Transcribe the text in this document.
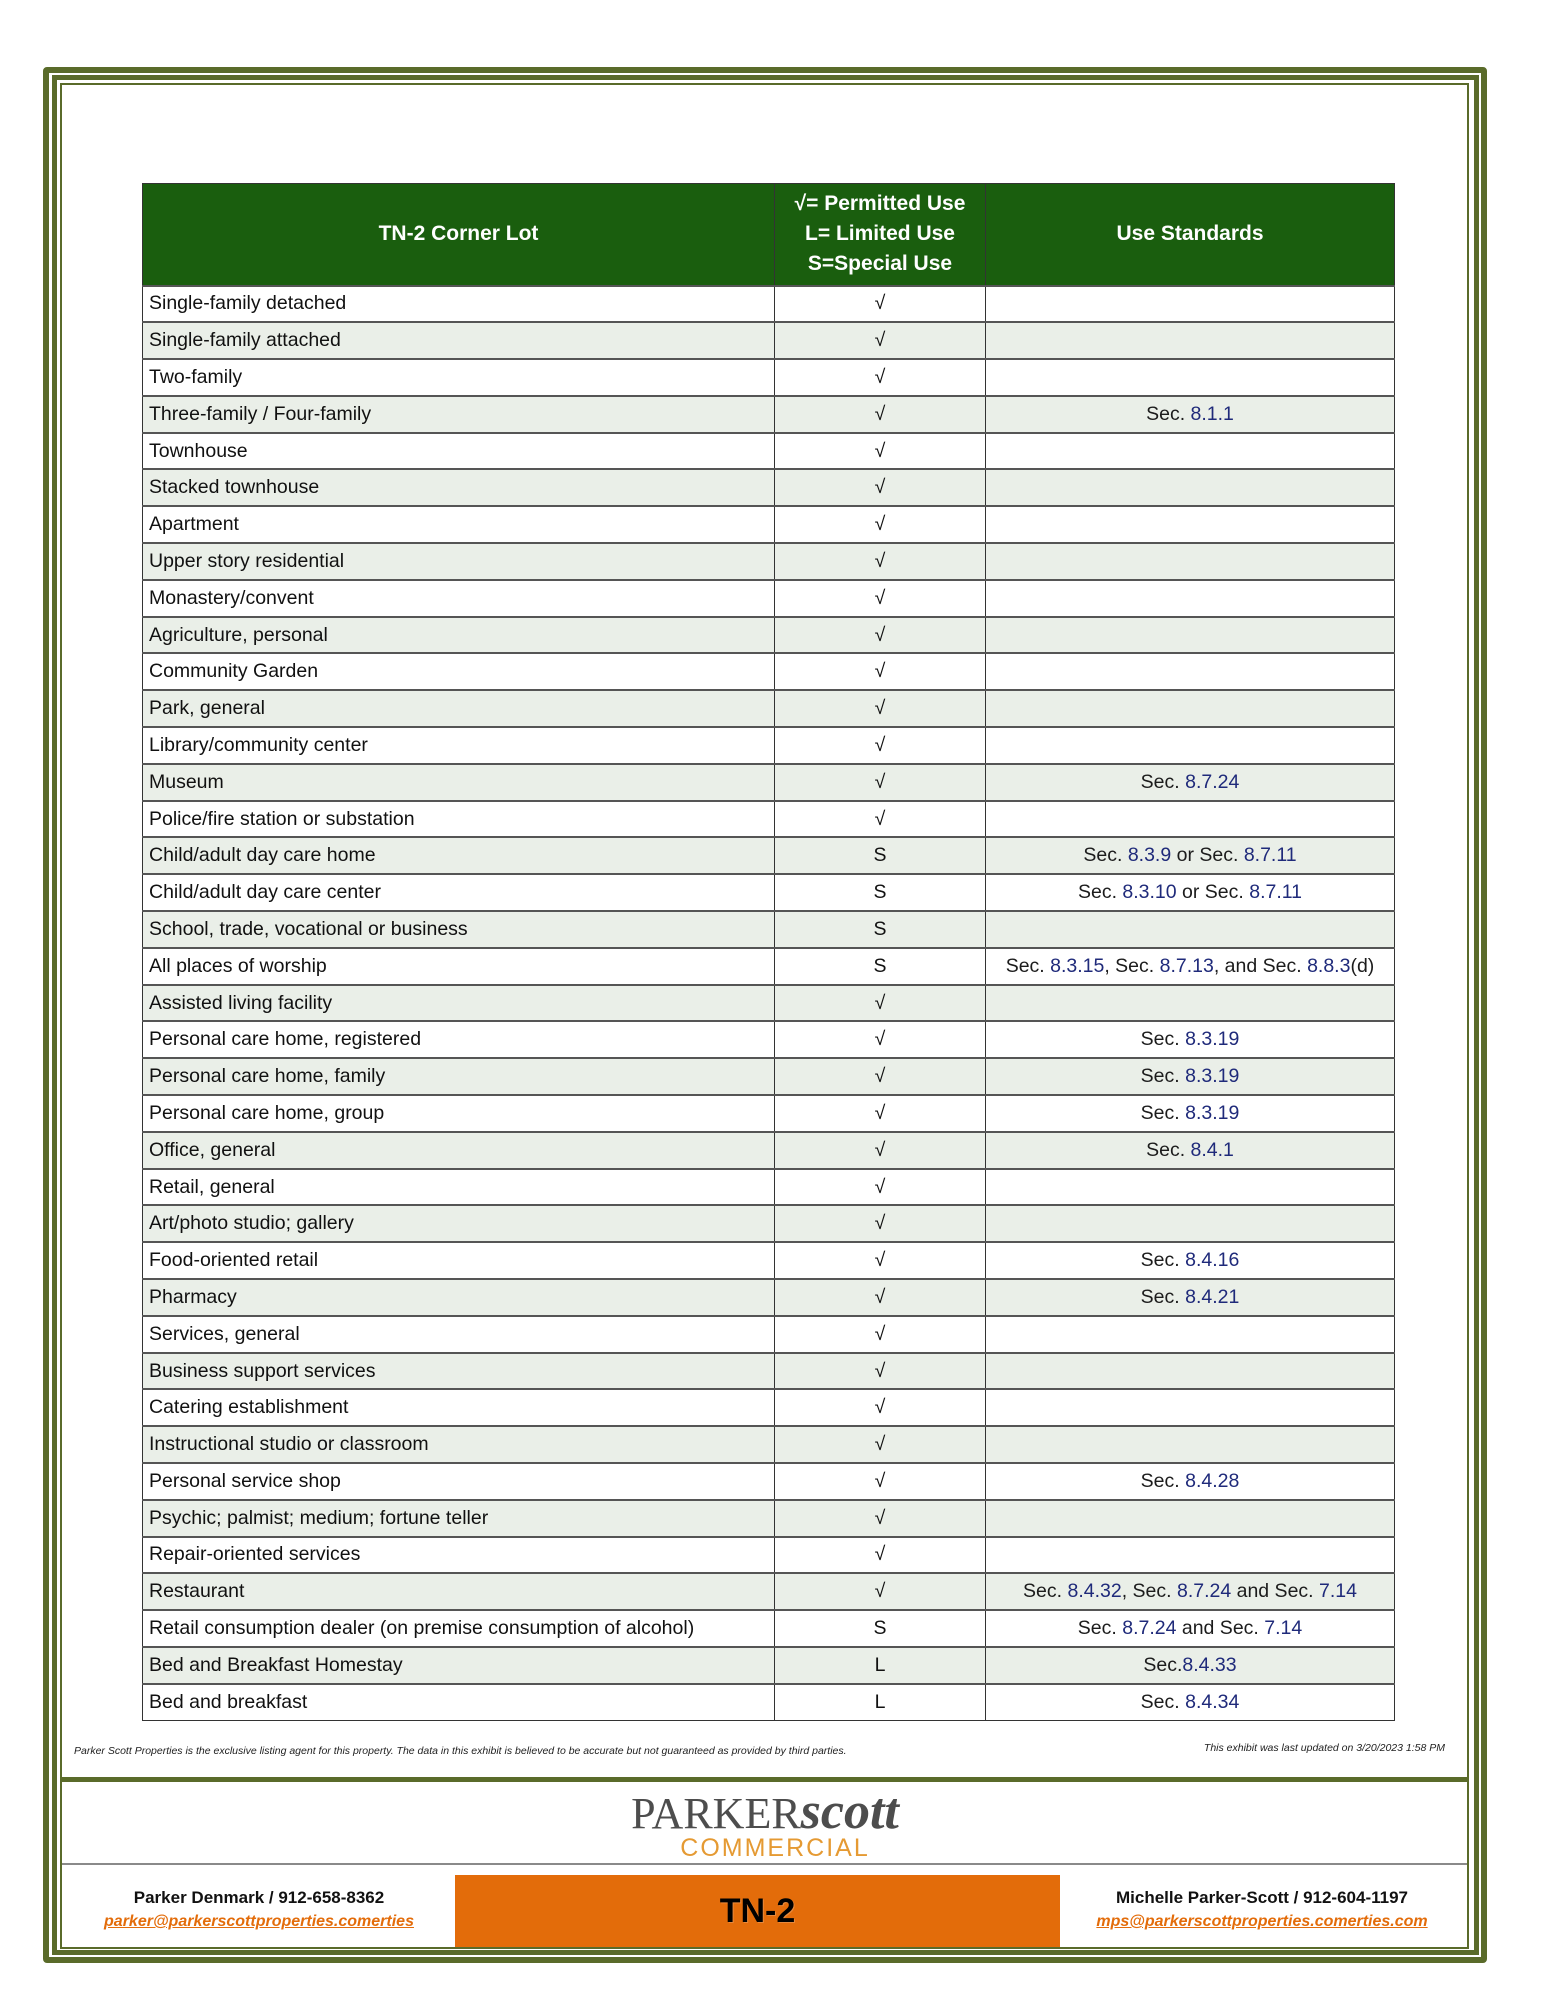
TN-2 Corner Lot	√= Permitted Use
L= Limited Use
S=Special Use	Use Standards
Single-family detached	√	
Single-family attached	√	
Two-family	√	
Three-family / Four-family	√	Sec. 8.1.1
Townhouse	√	
Stacked townhouse	√	
Apartment	√	
Upper story residential	√	
Monastery/convent	√	
Agriculture, personal	√	
Community Garden	√	
Park, general	√	
Library/community center	√	
Museum	√	Sec. 8.7.24
Police/fire station or substation	√	
Child/adult day care home	S	Sec. 8.3.9 or Sec. 8.7.11
Child/adult day care center	S	Sec. 8.3.10 or Sec. 8.7.11
School, trade, vocational or business	S	
All places of worship	S	Sec. 8.3.15, Sec. 8.7.13, and Sec. 8.8.3(d)
Assisted living facility	√	
Personal care home, registered	√	Sec. 8.3.19
Personal care home, family	√	Sec. 8.3.19
Personal care home, group	√	Sec. 8.3.19
Office, general	√	Sec. 8.4.1
Retail, general	√	
Art/photo studio; gallery	√	
Food-oriented retail	√	Sec. 8.4.16
Pharmacy	√	Sec. 8.4.21
Services, general	√	
Business support services	√	
Catering establishment	√	
Instructional studio or classroom	√	
Personal service shop	√	Sec. 8.4.28
Psychic; palmist; medium; fortune teller	√	
Repair-oriented services	√	
Restaurant	√	Sec. 8.4.32, Sec. 8.7.24 and Sec. 7.14
Retail consumption dealer (on premise consumption of alcohol)	S	Sec. 8.7.24 and Sec. 7.14
Bed and Breakfast Homestay	L	Sec.8.4.33
Bed and breakfast	L	Sec. 8.4.34
Parker Scott Properties is the exclusive listing agent for this property. The data in this exhibit is believed to be accurate but not guaranteed as provided by third parties.	This exhibit was last updated on 3/20/2023 1:58 PM
PARKERscott
COMMERCIAL
Parker Denmark / 912-658-8362
parker@parkerscottproperties.comerties	TN-2	Michelle Parker-Scott / 912-604-1197
mps@parkerscottproperties.comerties.com
